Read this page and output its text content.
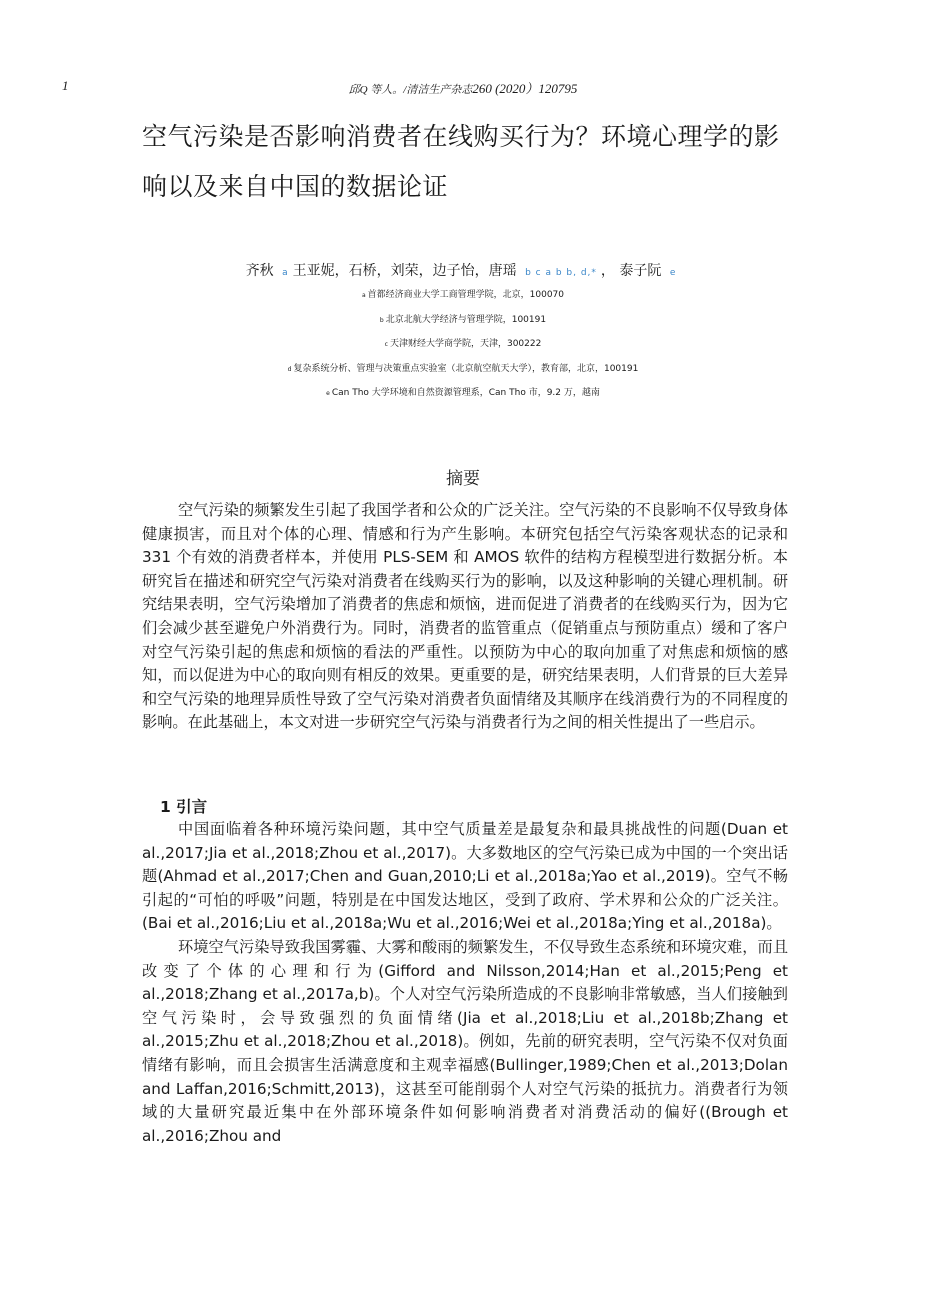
1	邱Q 等人。/清洁生产杂志260 (2020）120795
空气污染是否影响消费者在线购买行为？环境心理学的影响以及来自中国的数据论证
齐秋 a 王亚妮，石桥，刘荣，边子怡，唐瑶 b c a b b, d,* ， 泰子阮 e
a 首都经济商业大学工商管理学院，北京，100070
b 北京北航大学经济与管理学院，100191
c 天津财经大学商学院，天津，300222
d 复杂系统分析、管理与决策重点实验室（北京航空航天大学），教育部，北京，100191
e Can Tho 大学环境和自然资源管理系，Can Tho 市，9.2 万，越南
摘要

空气污染的频繁发生引起了我国学者和公众的广泛关注。空气污染的不良影响不仅导致身体健康损害，而且对个体的心理、情感和行为产生影响。本研究包括空气污染客观状态的记录和 331 个有效的消费者样本，并使用 PLS-SEM 和 AMOS 软件的结构方程模型进行数据分析。本研究旨在描述和研究空气污染对消费者在线购买行为的影响，以及这种影响的关键心理机制。研究结果表明，空气污染增加了消费者的焦虑和烦恼，进而促进了消费者的在线购买行为，因为它们会减少甚至避免户外消费行为。同时，消费者的监管重点（促销重点与预防重点）缓和了客户对空气污染引起的焦虑和烦恼的看法的严重性。以预防为中心的取向加重了对焦虑和烦恼的感知，而以促进为中心的取向则有相反的效果。更重要的是，研究结果表明，人们背景的巨大差异和空气污染的地理异质性导致了空气污染对消费者负面情绪及其顺序在线消费行为的不同程度的影响。在此基础上，本文对进一步研究空气污染与消费者行为之间的相关性提出了一些启示。

1 引言

中国面临着各种环境污染问题，其中空气质量差是最复杂和最具挑战性的问题(Duan et al.,2017;Jia et al.,2018;Zhou et al.,2017)。大多数地区的空气污染已成为中国的一个突出话题(Ahmad et al.,2017;Chen and Guan,2010;Li et al.,2018a;Yao et al.,2019)。空气不畅引起的“可怕的呼吸”问题，特别是在中国发达地区，受到了政府、学术界和公众的广泛关注。(Bai et al.,2016;Liu et al.,2018a;Wu et al.,2016;Wei et al.,2018a;Ying et al.,2018a)。

环境空气污染导致我国雾霾、大雾和酸雨的频繁发生，不仅导致生态系统和环境灾难，而且改变了个体的心理和行为(Gifford and Nilsson,2014;Han et al.,2015;Peng et al.,2018;Zhang et al.,2017a,b)。个人对空气污染所造成的不良影响非常敏感，当人们接触到空气污染时，会导致强烈的负面情绪(Jia et al.,2018;Liu et al.,2018b;Zhang et al.,2015;Zhu et al.,2018;Zhou et al.,2018)。例如，先前的研究表明，空气污染不仅对负面情绪有影响，而且会损害生活满意度和主观幸福感(Bullinger,1989;Chen et al.,2013;Dolan and Laffan,2016;Schmitt,2013)，这甚至可能削弱个人对空气污染的抵抗力。消费者行为领域的大量研究最近集中在外部环境条件如何影响消费者对消费活动的偏好((Brough et al.,2016;Zhou and
